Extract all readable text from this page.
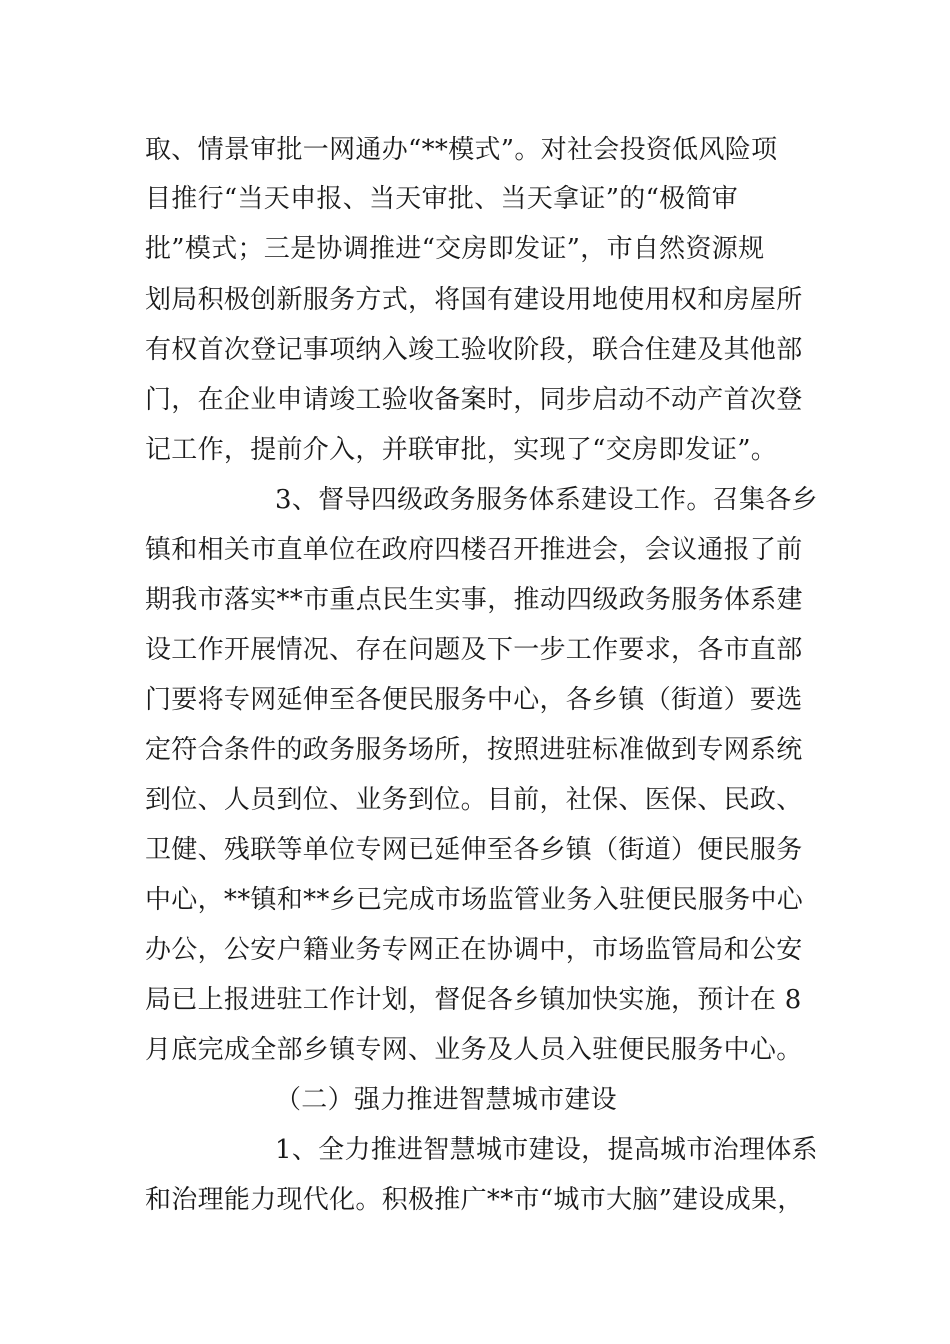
取、情景审批一网通办“**模式”。对社会投资低风险项
目推行“当天申报、当天审批、当天拿证”的“极简审
批”模式；三是协调推进“交房即发证”，市自然资源规
划局积极创新服务方式，将国有建设用地使用权和房屋所
有权首次登记事项纳入竣工验收阶段，联合住建及其他部
门，在企业申请竣工验收备案时，同步启动不动产首次登
记工作，提前介入，并联审批，实现了“交房即发证”。
3、督导四级政务服务体系建设工作。召集各乡
镇和相关市直单位在政府四楼召开推进会，会议通报了前
期我市落实**市重点民生实事，推动四级政务服务体系建
设工作开展情况、存在问题及下一步工作要求，各市直部
门要将专网延伸至各便民服务中心，各乡镇（街道）要选
定符合条件的政务服务场所，按照进驻标准做到专网系统
到位、人员到位、业务到位。目前，社保、医保、民政、
卫健、残联等单位专网已延伸至各乡镇（街道）便民服务
中心，**镇和**乡已完成市场监管业务入驻便民服务中心
办公，公安户籍业务专网正在协调中，市场监管局和公安
局已上报进驻工作计划，督促各乡镇加快实施，预计在 8
月底完成全部乡镇专网、业务及人员入驻便民服务中心。
（二）强力推进智慧城市建设
1、全力推进智慧城市建设，提高城市治理体系
和治理能力现代化。积极推广**市“城市大脑”建设成果，
